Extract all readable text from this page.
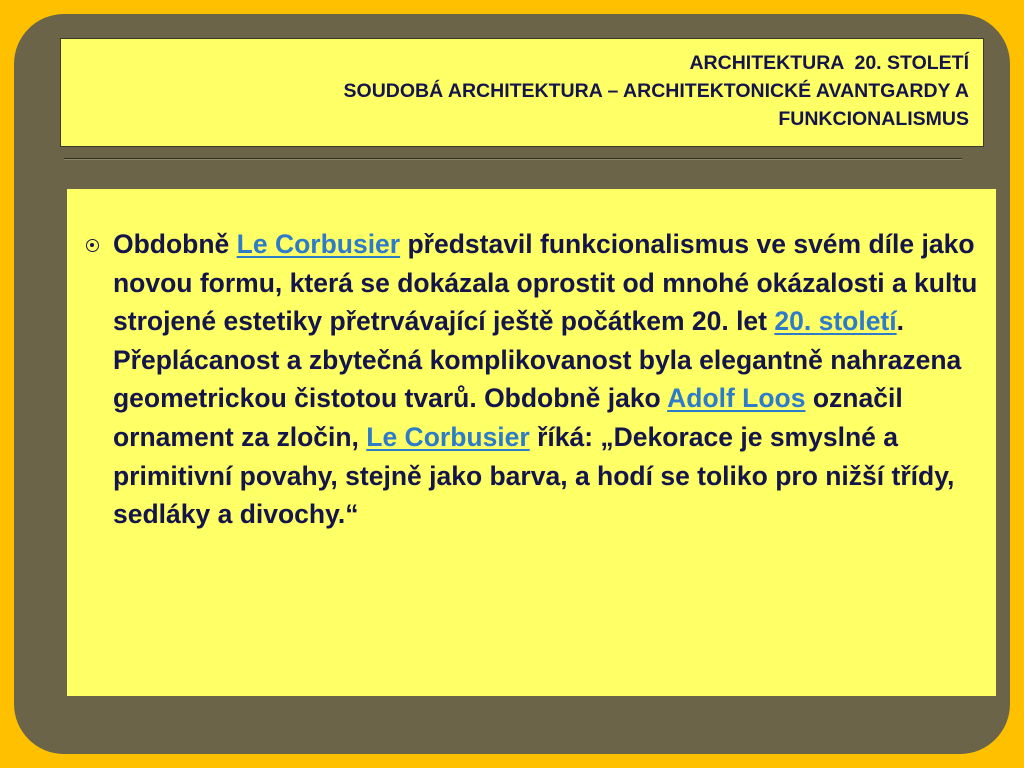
ARCHITEKTURA  20. STOLETÍ
SOUDOBÁ ARCHITEKTURA – ARCHITEKTONICKÉ AVANTGARDY A
FUNKCIONALISMUS

Obdobně Le Corbusier představil funkcionalismus ve svém díle jako novou formu, která se dokázala oprostit od mnohé okázalosti a kultu strojené estetiky přetrvávající ještě počátkem 20. let 20. století. Přeplácanost a zbytečná komplikovanost byla elegantně nahrazena geometrickou čistotou tvarů. Obdobně jako Adolf Loos označil ornament za zločin, Le Corbusier říká: „Dekorace je smyslné a primitivní povahy, stejně jako barva, a hodí se toliko pro nižší třídy, sedláky a divochy.“
